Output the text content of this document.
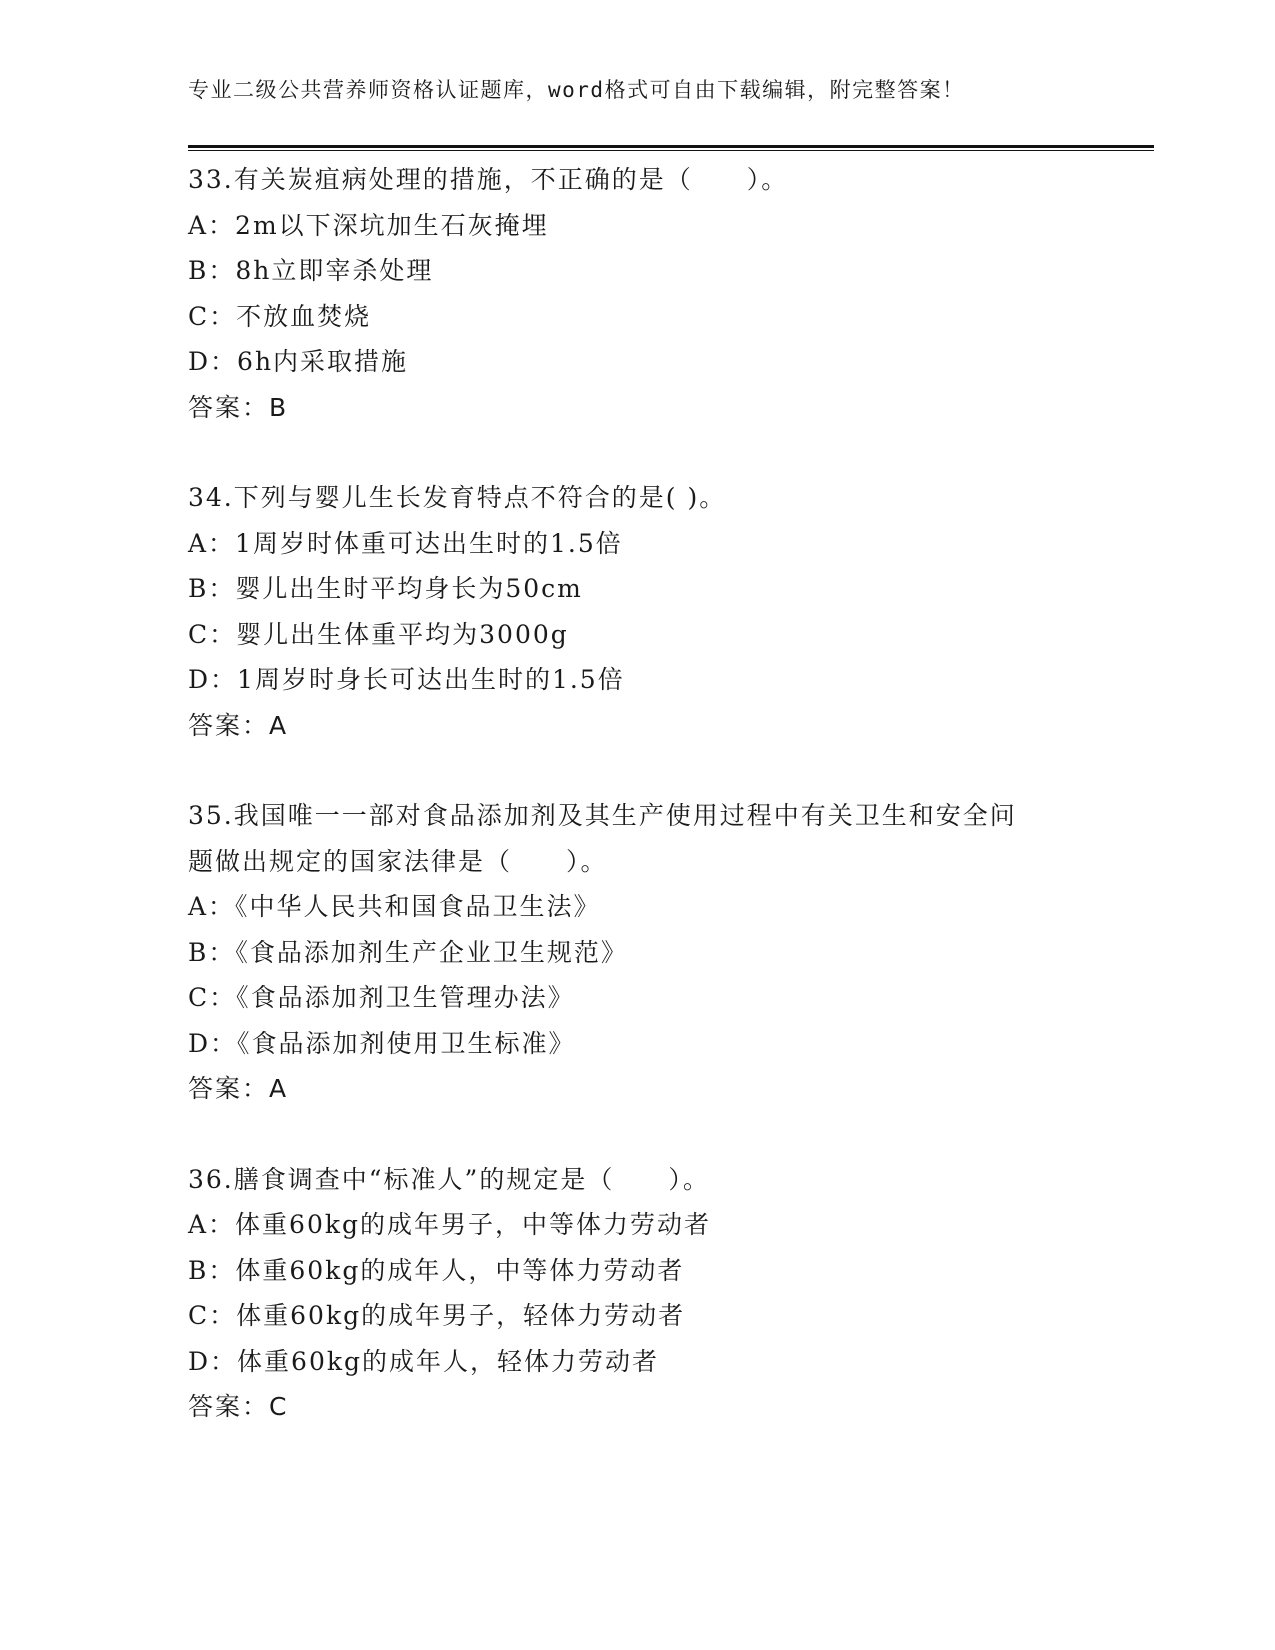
专业二级公共营养师资格认证题库，word格式可自由下载编辑，附完整答案！
33.有关炭疽病处理的措施，不正确的是（　　）。
A：2m以下深坑加生石灰掩埋
B：8h立即宰杀处理
C：不放血焚烧
D：6h内采取措施
答案：B
34.下列与婴儿生长发育特点不符合的是( )。
A：1周岁时体重可达出生时的1.5倍
B：婴儿出生时平均身长为50cm
C：婴儿出生体重平均为3000g
D：1周岁时身长可达出生时的1.5倍
答案：A
35.我国唯一一部对食品添加剂及其生产使用过程中有关卫生和安全问
题做出规定的国家法律是（　　）。
A：《中华人民共和国食品卫生法》
B：《食品添加剂生产企业卫生规范》
C：《食品添加剂卫生管理办法》
D：《食品添加剂使用卫生标准》
答案：A
36.膳食调查中“标准人”的规定是（　　）。
A：体重60kg的成年男子，中等体力劳动者
B：体重60kg的成年人，中等体力劳动者
C：体重60kg的成年男子，轻体力劳动者
D：体重60kg的成年人，轻体力劳动者
答案：C
